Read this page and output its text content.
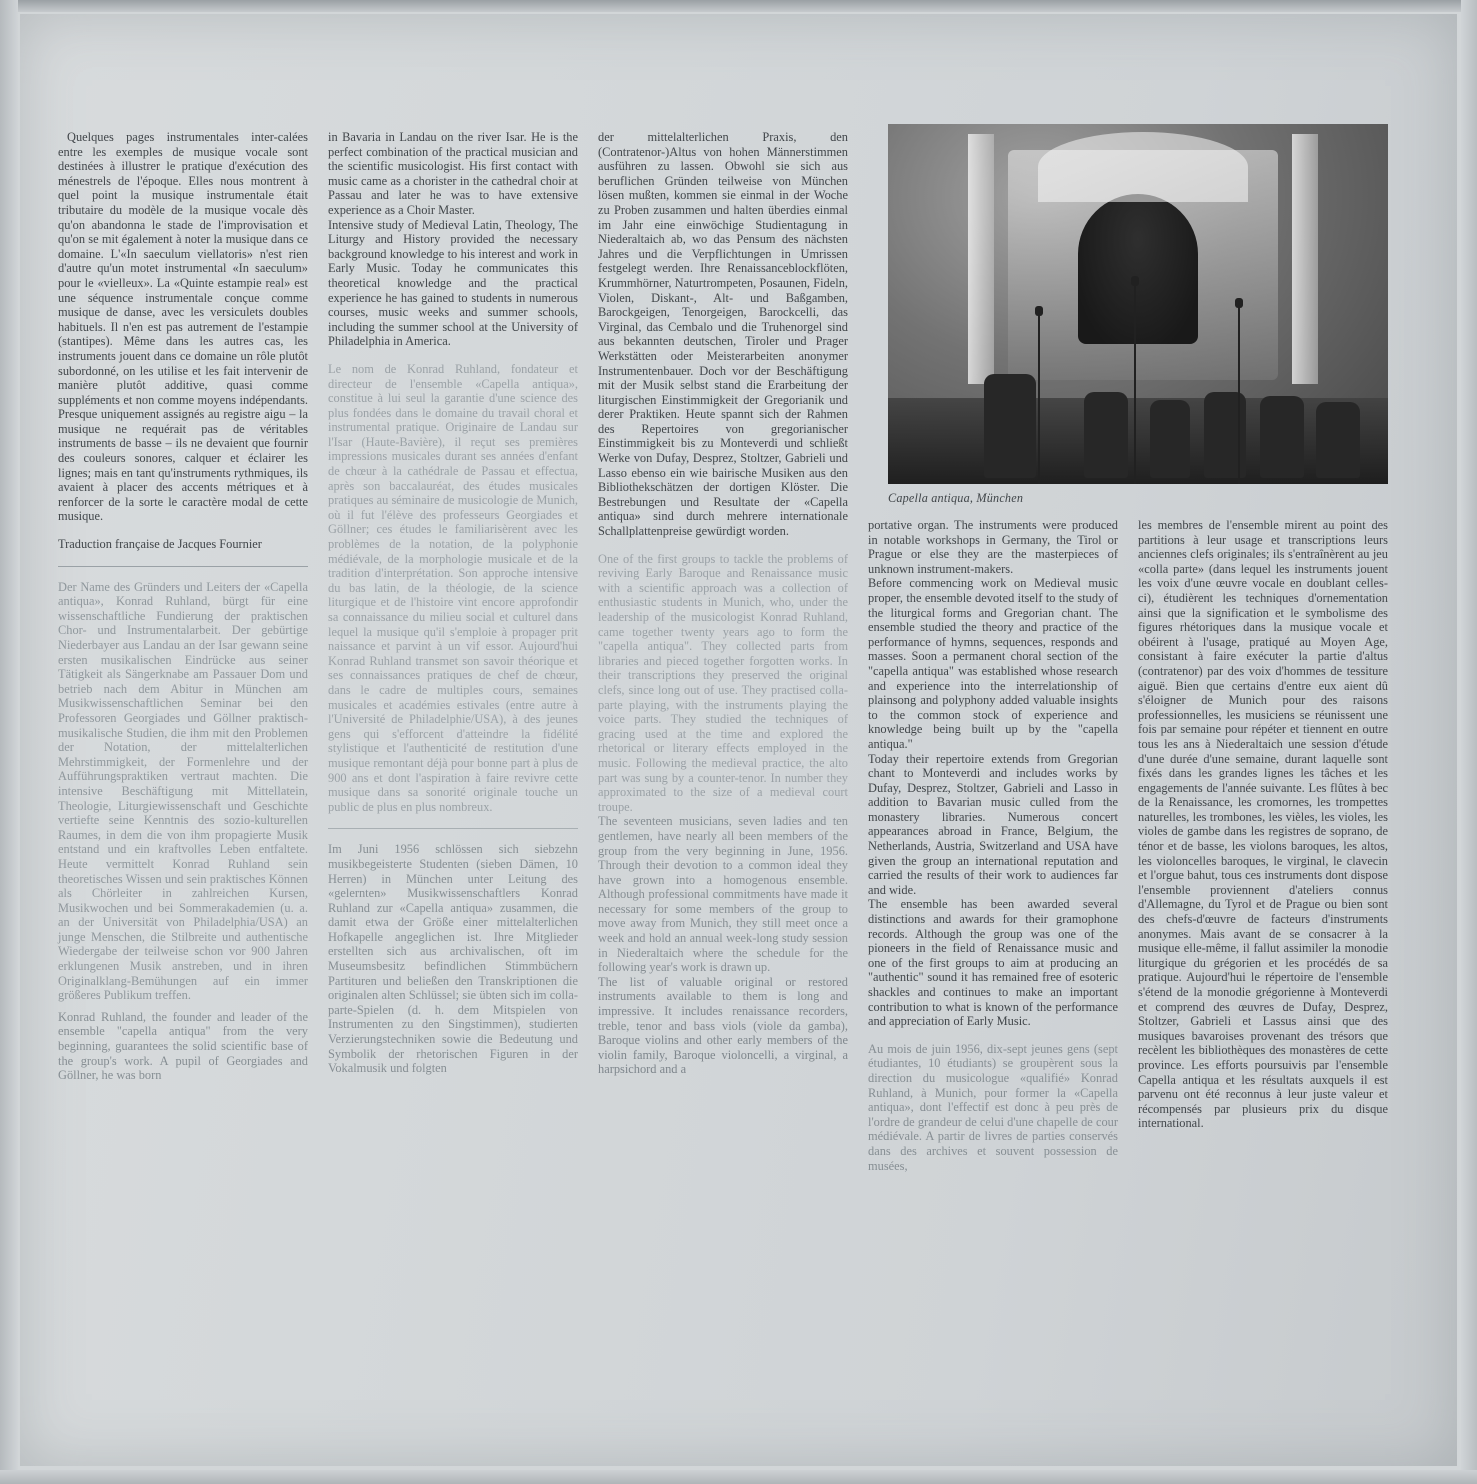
Capella antiqua, München

Quelques pages instrumentales inter-calées entre les exemples de musique vocale sont destinées à illustrer le pratique d'exécution des ménestrels de l'époque. Elles nous montrent à quel point la musique instrumentale était tributaire du modèle de la musique vocale dès qu'on abandonna le stade de l'improvisation et qu'on se mit également à noter la musique dans ce domaine. L'«In saeculum viellatoris» n'est rien d'autre qu'un motet instrumental «In saeculum» pour le «vielleux». La «Quinte estampie real» est une séquence instrumentale conçue comme musique de danse, avec les versiculets doubles habituels. Il n'en est pas autrement de l'estampie (stantipes). Même dans les autres cas, les instruments jouent dans ce domaine un rôle plutôt subordonné, on les utilise et les fait intervenir de manière plutôt additive, quasi comme suppléments et non comme moyens indépendants. Presque uniquement assignés au registre aigu – la musique ne requérait pas de véritables instruments de basse – ils ne devaient que fournir des couleurs sonores, calquer et éclairer les lignes; mais en tant qu'instruments rythmiques, ils avaient à placer des accents métriques et à renforcer de la sorte le caractère modal de cette musique.

Traduction française de Jacques Fournier

Der Name des Gründers und Leiters der «Capella antiqua», Konrad Ruhland, bürgt für eine wissenschaftliche Fundierung der praktischen Chor- und Instrumentalarbeit. Der gebürtige Niederbayer aus Landau an der Isar gewann seine ersten musikalischen Eindrücke aus seiner Tätigkeit als Sängerknabe am Passauer Dom und betrieb nach dem Abitur in München am Musikwissenschaftlichen Seminar bei den Professoren Georgiades und Göllner praktisch-musikalische Studien, die ihm mit den Problemen der Notation, der mittelalterlichen Mehrstimmigkeit, der Formenlehre und der Aufführungspraktiken vertraut machten. Die intensive Beschäftigung mit Mittellatein, Theologie, Liturgiewissenschaft und Geschichte vertiefte seine Kenntnis des sozio-kulturellen Raumes, in dem die von ihm propagierte Musik entstand und ein kraftvolles Leben entfaltete. Heute vermittelt Konrad Ruhland sein theoretisches Wissen und sein praktisches Können als Chörleiter in zahlreichen Kursen, Musikwochen und bei Sommerakademien (u. a. an der Universität von Philadelphia/USA) an junge Menschen, die Stilbreite und authentische Wiedergabe der teilweise schon vor 900 Jahren erklungenen Musik anstreben, und in ihren Originalklang-Bemühungen auf ein immer größeres Publikum treffen.

Konrad Ruhland, the founder and leader of the ensemble "capella antiqua" from the very beginning, guarantees the solid scientific base of the group's work. A pupil of Georgiades and Göllner, he was born

in Bavaria in Landau on the river Isar. He is the perfect combination of the practical musician and the scientific musicologist. His first contact with music came as a chorister in the cathedral choir at Passau and later he was to have extensive experience as a Choir Master.

Intensive study of Medieval Latin, Theology, The Liturgy and History provided the necessary background knowledge to his interest and work in Early Music. Today he communicates this theoretical knowledge and the practical experience he has gained to students in numerous courses, music weeks and summer schools, including the summer school at the University of Philadelphia in America.

Le nom de Konrad Ruhland, fondateur et directeur de l'ensemble «Capella antiqua», constitue à lui seul la garantie d'une science des plus fondées dans le domaine du travail choral et instrumental pratique. Originaire de Landau sur l'Isar (Haute-Bavière), il reçut ses premières impressions musicales durant ses années d'enfant de chœur à la cathédrale de Passau et effectua, après son baccalauréat, des études musicales pratiques au séminaire de musicologie de Munich, où il fut l'élève des professeurs Georgiades et Göllner; ces études le familiarisèrent avec les problèmes de la notation, de la polyphonie médiévale, de la morphologie musicale et de la tradition d'interprétation. Son approche intensive du bas latin, de la théologie, de la science liturgique et de l'histoire vint encore approfondir sa connaissance du milieu social et culturel dans lequel la musique qu'il s'emploie à propager prit naissance et parvint à un vif essor. Aujourd'hui Konrad Ruhland transmet son savoir théorique et ses connaissances pratiques de chef de chœur, dans le cadre de multiples cours, semaines musicales et académies estivales (entre autre à l'Université de Philadelphie/USA), à des jeunes gens qui s'efforcent d'atteindre la fidélité stylistique et l'authenticité de restitution d'une musique remontant déjà pour bonne part à plus de 900 ans et dont l'aspiration à faire revivre cette musique dans sa sonorité originale touche un public de plus en plus nombreux.

Im Juni 1956 schlössen sich siebzehn musikbegeisterte Studenten (sieben Dämen, 10 Herren) in München unter Leitung des «gelernten» Musikwissenschaftlers Konrad Ruhland zur «Capella antiqua» zusammen, die damit etwa der Größe einer mittelalterlichen Hofkapelle angeglichen ist. Ihre Mitglieder erstellten sich aus archivalischen, oft im Museumsbesitz befindlichen Stimmbüchern Partituren und beließen den Transkriptionen die originalen alten Schlüssel; sie übten sich im colla-parte-Spielen (d. h. dem Mitspielen von Instrumenten zu den Singstimmen), studierten Verzierungstechniken sowie die Bedeutung und Symbolik der rhetorischen Figuren in der Vokalmusik und folgten

der mittelalterlichen Praxis, den (Contratenor-)Altus von hohen Männerstimmen ausführen zu lassen. Obwohl sie sich aus beruflichen Gründen teilweise von München lösen mußten, kommen sie einmal in der Woche zu Proben zusammen und halten überdies einmal im Jahr eine einwöchige Studientagung in Niederaltaich ab, wo das Pensum des nächsten Jahres und die Verpflichtungen in Umrissen festgelegt werden. Ihre Renaissanceblockflöten, Krummhörner, Naturtrompeten, Posaunen, Fideln, Violen, Diskant-, Alt- und Baßgamben, Barockgeigen, Tenorgeigen, Barockcelli, das Virginal, das Cembalo und die Truhenorgel sind aus bekannten deutschen, Tiroler und Prager Werkstätten oder Meisterarbeiten anonymer Instrumentenbauer. Doch vor der Beschäftigung mit der Musik selbst stand die Erarbeitung der liturgischen Einstimmigkeit der Gregorianik und derer Praktiken. Heute spannt sich der Rahmen des Repertoires von gregorianischer Einstimmigkeit bis zu Monteverdi und schließt Werke von Dufay, Desprez, Stoltzer, Gabrieli und Lasso ebenso ein wie bairische Musiken aus den Bibliothekschätzen der dortigen Klöster. Die Bestrebungen und Resultate der «Capella antiqua» sind durch mehrere internationale Schallplattenpreise gewürdigt worden.

One of the first groups to tackle the problems of reviving Early Baroque and Renaissance music with a scientific approach was a collection of enthusiastic students in Munich, who, under the leadership of the musicologist Konrad Ruhland, came together twenty years ago to form the "capella antiqua". They collected parts from libraries and pieced together forgotten works. In their transcriptions they preserved the original clefs, since long out of use. They practised colla-parte playing, with the instruments playing the voice parts. They studied the techniques of gracing used at the time and explored the rhetorical or literary effects employed in the music. Following the medieval practice, the alto part was sung by a counter-tenor. In number they approximated to the size of a medieval court troupe.

The seventeen musicians, seven ladies and ten gentlemen, have nearly all been members of the group from the very beginning in June, 1956. Through their devotion to a common ideal they have grown into a homogenous ensemble. Although professional commitments have made it necessary for some members of the group to move away from Munich, they still meet once a week and hold an annual week-long study session in Niederaltaich where the schedule for the following year's work is drawn up.

The list of valuable original or restored instruments available to them is long and impressive. It includes renaissance recorders, treble, tenor and bass viols (viole da gamba), Baroque violins and other early members of the violin family, Baroque violoncelli, a virginal, a harpsichord and a

portative organ. The instruments were produced in notable workshops in Germany, the Tirol or Prague or else they are the masterpieces of unknown instrument-makers.

Before commencing work on Medieval music proper, the ensemble devoted itself to the study of the liturgical forms and Gregorian chant. The ensemble studied the theory and practice of the performance of hymns, sequences, responds and masses. Soon a permanent choral section of the "capella antiqua" was established whose research and experience into the interrelationship of plainsong and polyphony added valuable insights to the common stock of experience and knowledge being built up by the "capella antiqua."

Today their repertoire extends from Gregorian chant to Monteverdi and includes works by Dufay, Desprez, Stoltzer, Gabrieli and Lasso in addition to Bavarian music culled from the monastery libraries. Numerous concert appearances abroad in France, Belgium, the Netherlands, Austria, Switzerland and USA have given the group an international reputation and carried the results of their work to audiences far and wide.

The ensemble has been awarded several distinctions and awards for their gramophone records. Although the group was one of the pioneers in the field of Renaissance music and one of the first groups to aim at producing an "authentic" sound it has remained free of esoteric shackles and continues to make an important contribution to what is known of the performance and appreciation of Early Music.

Au mois de juin 1956, dix-sept jeunes gens (sept étudiantes, 10 étudiants) se groupèrent sous la direction du musicologue «qualifié» Konrad Ruhland, à Munich, pour former la «Capella antiqua», dont l'effectif est donc à peu près de l'ordre de grandeur de celui d'une chapelle de cour médiévale. A partir de livres de parties conservés dans des archives et souvent possession de musées,

les membres de l'ensemble mirent au point des partitions à leur usage et transcriptions leurs anciennes clefs originales; ils s'entraînèrent au jeu «colla parte» (dans lequel les instruments jouent les voix d'une œuvre vocale en doublant celles-ci), étudièrent les techniques d'ornementation ainsi que la signification et le symbolisme des figures rhétoriques dans la musique vocale et obéirent à l'usage, pratiqué au Moyen Age, consistant à faire exécuter la partie d'altus (contratenor) par des voix d'hommes de tessiture aiguë. Bien que certains d'entre eux aient dû s'éloigner de Munich pour des raisons professionnelles, les musiciens se réunissent une fois par semaine pour répéter et tiennent en outre tous les ans à Niederaltaich une session d'étude d'une durée d'une semaine, durant laquelle sont fixés dans les grandes lignes les tâches et les engagements de l'année suivante. Les flûtes à bec de la Renaissance, les cromornes, les trompettes naturelles, les trombones, les vièles, les violes, les violes de gambe dans les registres de soprano, de ténor et de basse, les violons baroques, les altos, les violoncelles baroques, le virginal, le clavecin et l'orgue bahut, tous ces instruments dont dispose l'ensemble proviennent d'ateliers connus d'Allemagne, du Tyrol et de Prague ou bien sont des chefs-d'œuvre de facteurs d'instruments anonymes. Mais avant de se consacrer à la musique elle-même, il fallut assimiler la monodie liturgique du grégorien et les procédés de sa pratique. Aujourd'hui le répertoire de l'ensemble s'étend de la monodie grégorienne à Monteverdi et comprend des œuvres de Dufay, Desprez, Stoltzer, Gabrieli et Lassus ainsi que des musiques bavaroises provenant des trésors que recèlent les bibliothèques des monastères de cette province. Les efforts poursuivis par l'ensemble Capella antiqua et les résultats auxquels il est parvenu ont été reconnus à leur juste valeur et récompensés par plusieurs prix du disque international.
